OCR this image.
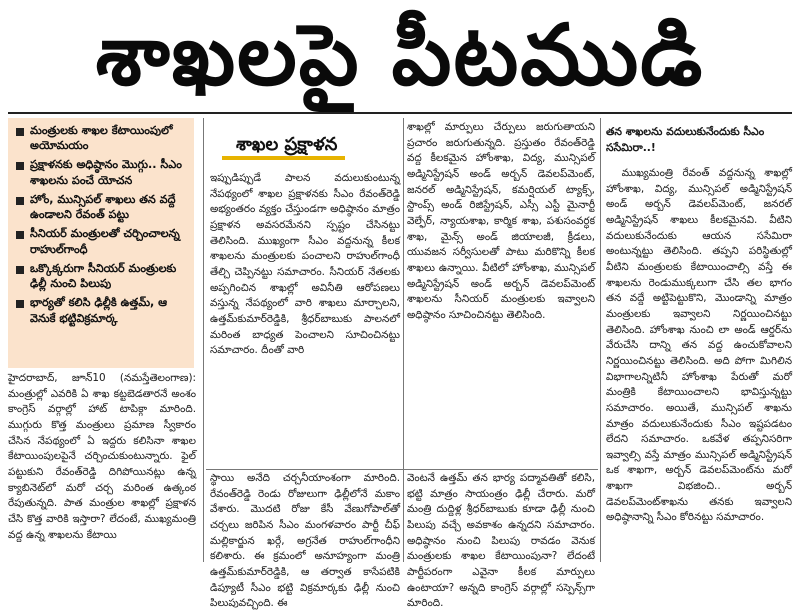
శాఖలపై పీటముడి
మంత్రులకు శాఖల కేటాయింపులో అయోమయం
ప్రక్షాళనకు అధిష్ఠానం మొగ్గు.. సీఎం శాఖలను పంచే యోచన
హోం, మున్సిపల్ శాఖలు తన వద్దే ఉండాలని రేవంత్ పట్టు
సీనియర్ మంత్రులతో చర్చించాలన్న రాహుల్‌గాంధీ
ఒక్కొక్కరుగా సీనియర్ మంత్రులకు ఢిల్లీ నుంచి పిలుపు
భార్యతో కలిసి ఢిల్లీకి ఉత్తమ్, ఆ వెనుకే భట్టివిక్రమార్క

హైదరాబాద్, జూన్10 (నమస్తేతెలంగాణ): మంత్రుల్లో ఎవరికి ఏ శాఖ కట్టబెడతారనే అంశం కాంగ్రెస్ వర్గాల్లో హాట్ టాపిక్గా మారింది. ముగ్గురు కొత్త మంత్రులు ప్రమాణ స్వీకారం చేసిన నేపథ్యంలో ఏ ఇద్దరు కలిసినా శాఖల కేటాయింపులపైనే చర్చించుకుంటున్నారు. ఫైల్ పట్టుకుని రేవంత్‌రెడ్డి దిగిపోయినట్లు ఉన్న క్యాబినెట్‌లో మరో చర్చ మరింత ఉత్కంఠ రేపుతున్నది. పాత మంత్రుల శాఖల్లో ప్రక్షాళన చేసి కొత్త వారికి ఇస్తారా? లేదంటే, ముఖ్యమంత్రి వద్ద ఉన్న శాఖలను కేటాయి

శాఖల ప్రక్షాళన

ఇప్పుడిప్పుడే పాలన వదులుకుంటున్న నేపథ్యంలో శాఖల ప్రక్షాళనకు సీఎం రేవంత్‌రెడ్డి అభ్యంతరం వ్యక్తం చేస్తుండగా అధిష్ఠానం మాత్రం ప్రక్షాళన అవసరమేనని స్పష్టం చేసినట్టు తెలిసింది. ముఖ్యంగా సీఎం వద్దనున్న కీలక శాఖలను మంత్రులకు పంచాలని రాహుల్‌గాంధీ తేల్చి చెప్పినట్టు సమాచారం. సీనియర్ నేతలకు అప్పగించిన శాఖల్లో అవినీతి ఆరోపణలు వస్తున్న నేపథ్యంలో వారి శాఖలు మార్చాలని, ఉత్తమ్‌కుమార్‌రెడ్డికి, శ్రీధర్‌బాబుకు పాలనలో మరింత బాధ్యత పెంచాలని సూచించినట్టు సమాచారం. దీంతో వారి

స్థాయి అనేది చర్చనీయాంశంగా మారింది. రేవంత్‌రెడ్డి రెండు రోజులుగా ఢిల్లీలోనే మకాం వేశారు. మొదటి రోజు కేసీ వేణుగోపాల్‌తో చర్చలు జరిపిన సీఎం మంగళవారం పార్టీ చీఫ్ మల్లికార్జున ఖర్గే, అగ్రనేత రాహుల్‌గాంధీని కలిశారు. ఈ క్రమంలో అనూహ్యంగా మంత్రి ఉత్తమ్‌కుమార్‌రెడ్డికి, ఆ తర్వాత కాసేపటికి డిప్యూటీ సీఎం భట్టి విక్రమార్కకు ఢిల్లీ నుంచి పిలుపువచ్చింది. ఈ

శాఖల్లో మార్పులు చేర్పులు జరుగుతాయని ప్రచారం జరుగుతున్నది. ప్రస్తుతం రేవంత్‌రెడ్డి వద్ద కీలకమైన హోంశాఖ, విద్య, మున్సిపల్ అడ్మినిస్ట్రేషన్ అండ్ అర్బన్ డెవలప్‌మెంట్, జనరల్ అడ్మినిస్ట్రేషన్, కమర్షియల్ ట్యాక్స్, స్టాంప్స్ అండ్ రిజిస్ట్రేషన్, ఎస్సీ ఎస్టీ మైనార్టీ వెల్ఫేర్, న్యాయశాఖ, కార్మిక శాఖ, పశుసంవర్ధక శాఖ, మైన్స్ అండ్ జియాలజీ, క్రీడలు, యువజన సర్వీసులతో పాటు మరికొన్ని కీలక శాఖలు ఉన్నాయి. వీటిలో హోంశాఖ, మున్సిపల్ అడ్మినిస్ట్రేషన్ అండ్ అర్బన్ డెవలప్‌మెంట్ శాఖలను సీనియర్ మంత్రులకు ఇవ్వాలని అధిష్ఠానం సూచించినట్టు తెలిసింది.

వెంటనే ఉత్తమ్ తన భార్య పద్మావతితో కలిసి, భట్టి మాత్రం సాయంత్రం ఢిల్లీ చేరారు. మరో మంత్రి దుద్దిళ్ల శ్రీధర్‌బాబుకు కూడా ఢిల్లీ నుంచి పిలుపు వచ్చే అవకాశం ఉన్నదని సమాచారం. అధిష్ఠానం నుంచి పిలుపు రావడం వెనుక మంత్రులకు శాఖల కేటాయింపునా? లేదంటే పార్టీపరంగా ఎవైనా కీలక మార్పులు ఉంటాయా? అన్నది కాంగ్రెస్ వర్గాల్లో సస్పెన్స్‌గా మారింది.

తన శాఖలను వదులుకునేందుకు సీఎం ససేమిరా..!

ముఖ్యమంత్రి రేవంత్ వద్దనున్న శాఖల్లో హోంశాఖ, విద్య, మున్సిపల్ అడ్మినిస్ట్రేషన్ అండ్ అర్బన్ డెవలప్‌మెంట్, జనరల్ అడ్మినిస్ట్రేషన్ శాఖలు కీలకమైనవి. వీటిని వదులుకునేందుకు ఆయన ససేమిరా అంటున్నట్టు తెలిసింది. తప్పని పరిస్థితుల్లో వీటిని మంత్రులకు కేటాయించాల్సి వస్తే ఈ శాఖలను రెండుముక్కలుగా చేసి తల భాగం తన వద్దే అట్టిపెట్టుకొని, మొండాన్ని మాత్రం మంత్రులకు ఇవ్వాలని నిర్ణయించినట్టు తెలిసింది. హోంశాఖ నుంచి లా అండ్ ఆర్డర్‌ను వేరుచేసి దాన్ని తన వద్ద ఉంచుకోవాలని నిర్ణయించినట్టు తెలిసింది. అది పోగా మిగిలిన విభాగాలన్నిటినీ హోంశాఖ పేరుతో మరో మంత్రికి కేటాయించాలని భావిస్తున్నట్టు సమాచారం. అయితే, మున్సిపల్ శాఖను మాత్రం వదులుకునేందుకు సీఎం ఇష్టపడటం లేదని సమాచారం. ఒకవేళ తప్పనిసరిగా ఇవ్వాల్సి వస్తే మాత్రం మున్సిపల్ అడ్మినిస్ట్రేషన్ ఒక శాఖగా, అర్బన్ డెవలప్‌మెంట్‌ను మరో శాఖగా విభజించి.. అర్బన్ డెవలప్‌మెంట్‌శాఖను తనకు ఇవ్వాలని అధిష్ఠానాన్ని సీఎం కోరినట్టు సమాచారం.
